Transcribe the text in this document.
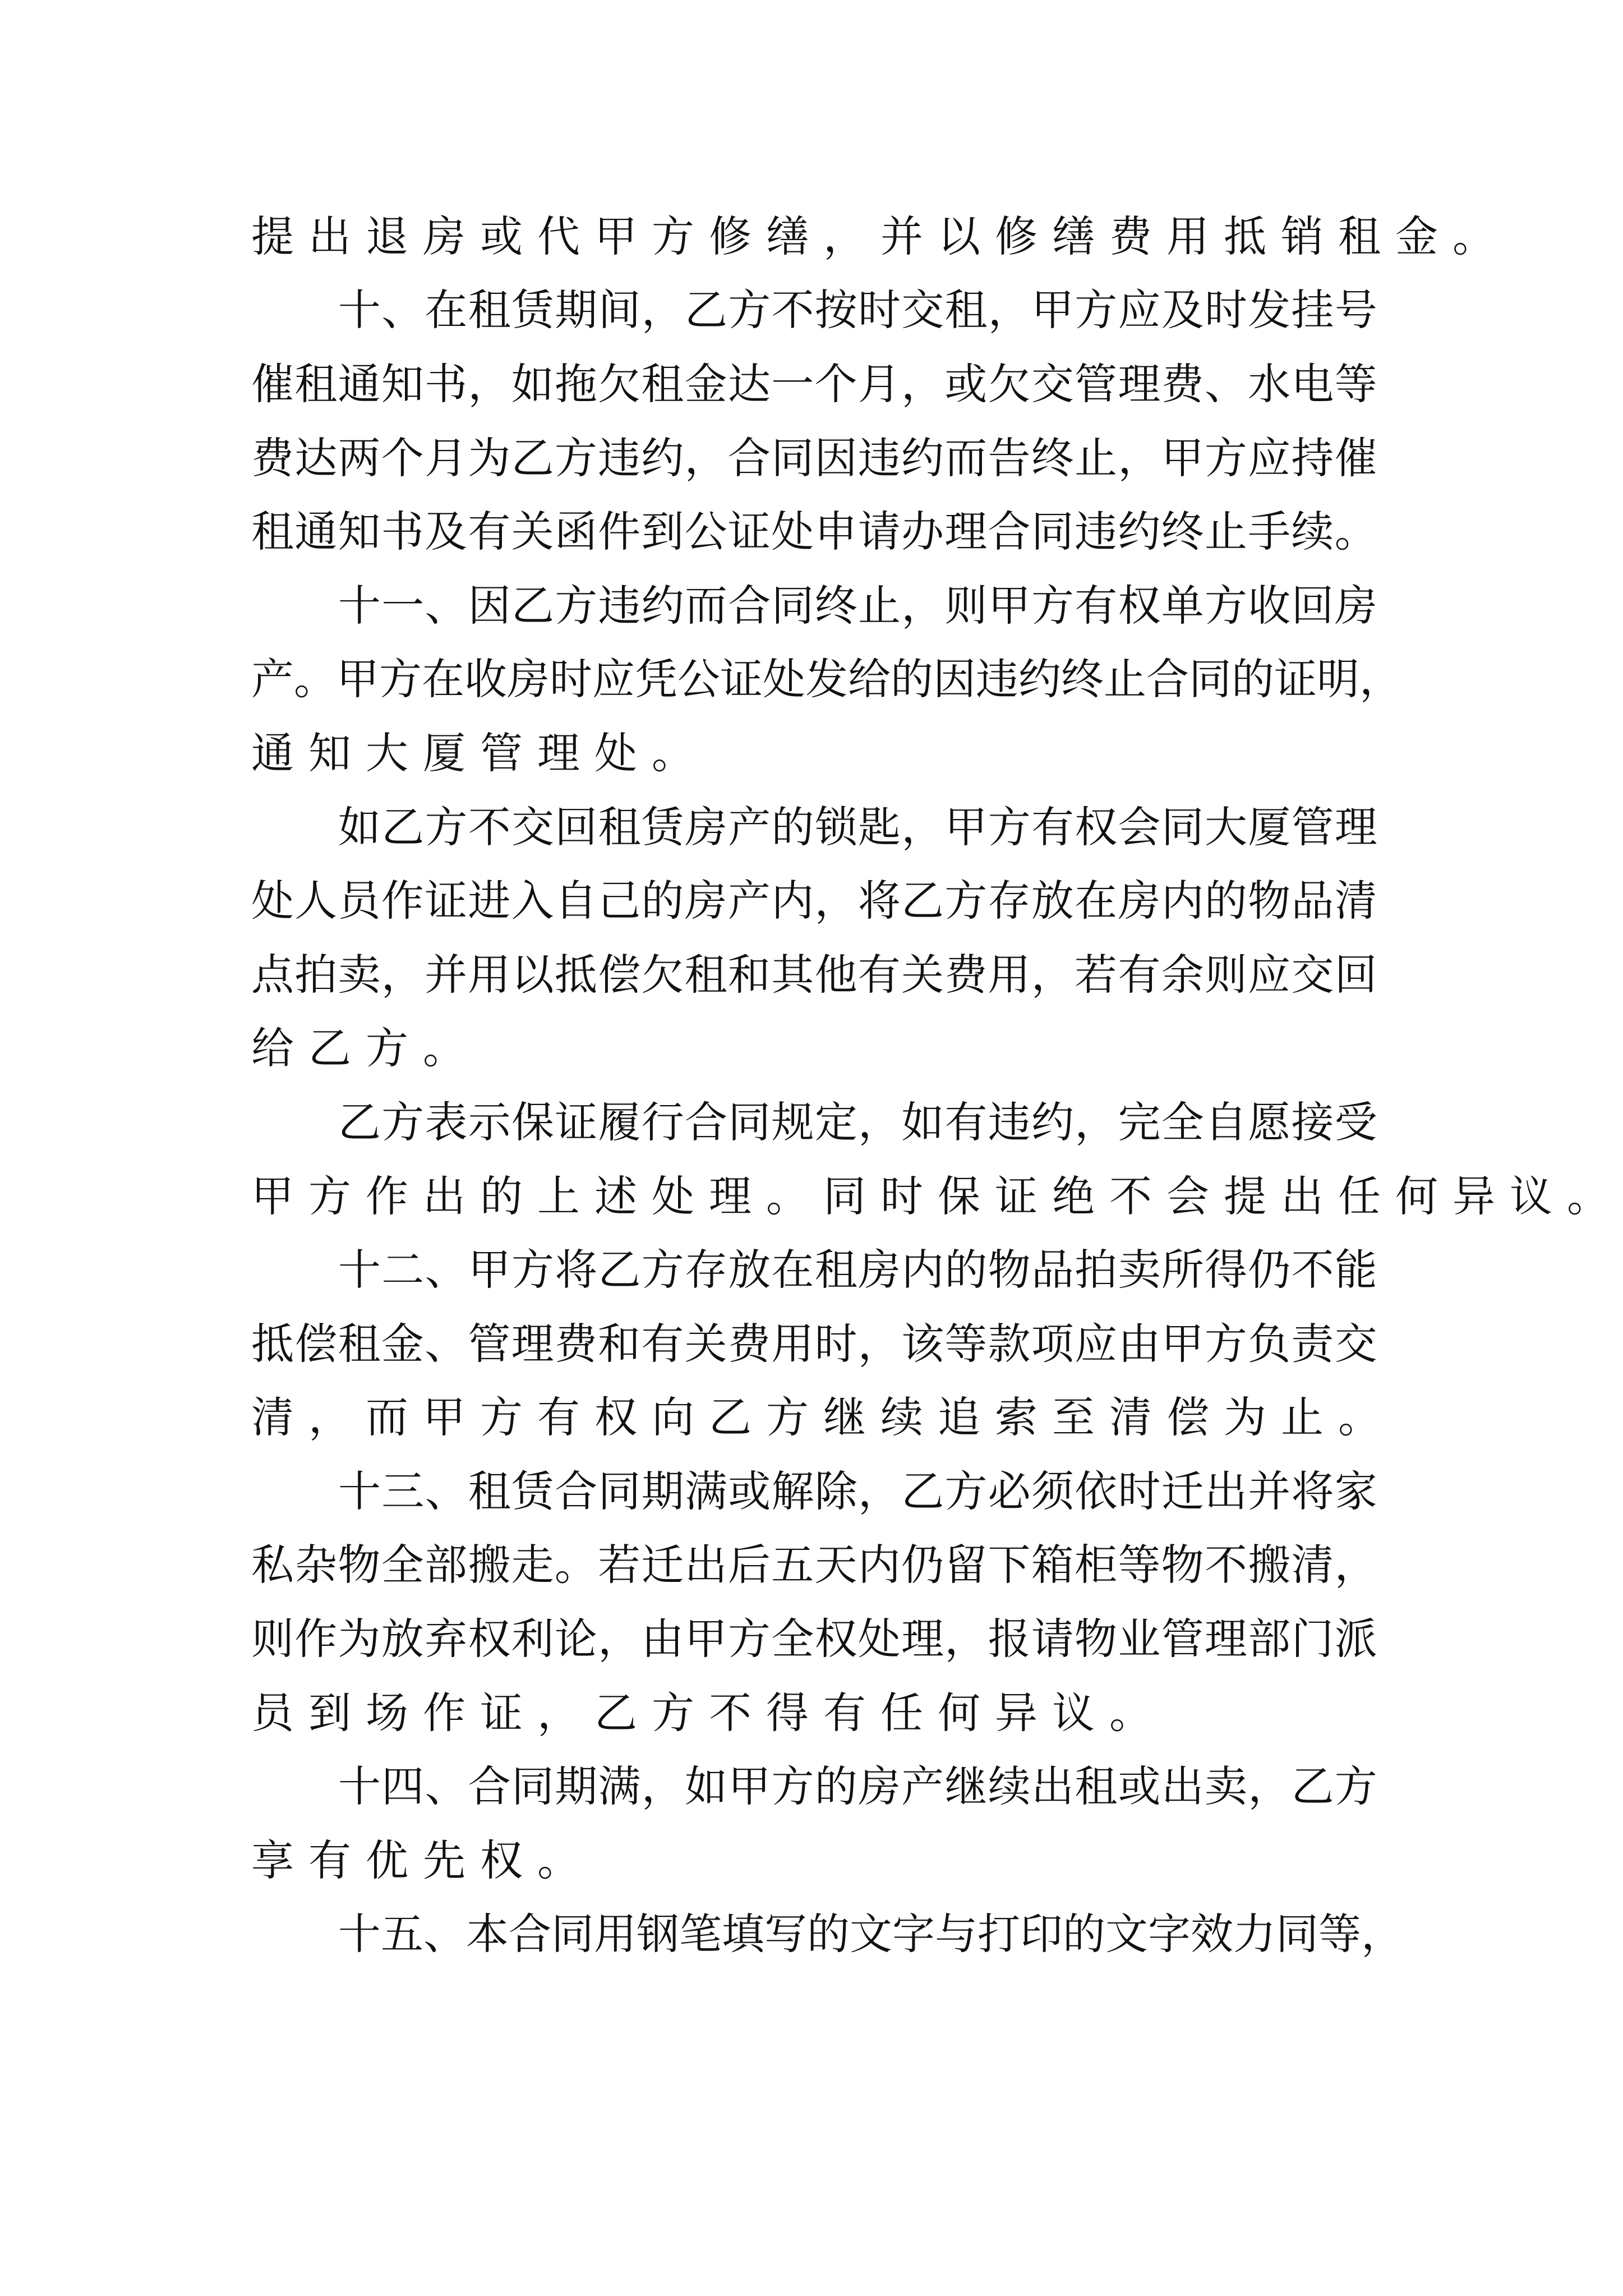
提 出 退 房 或 代 甲 方 修 缮 ， 并 以 修 缮 费 用 抵 销 租 金 。
十 、 在 租 赁 期 间 ， 乙 方 不 按 时 交 租 ， 甲 方 应 及 时 发 挂 号
催 租 通 知 书 ， 如 拖 欠 租 金 达 一 个 月 ， 或 欠 交 管 理 费 、 水 电 等
费 达 两 个 月 为 乙 方 违 约 ， 合 同 因 违 约 而 告 终 止 ， 甲 方 应 持 催
租 通 知 书 及 有 关 函 件 到 公 证 处 申 请 办 理 合 同 违 约 终 止 手 续 。
十 一 、 因 乙 方 违 约 而 合 同 终 止 ， 则 甲 方 有 权 单 方 收 回 房
产 。 甲 方 在 收 房 时 应 凭 公 证 处 发 给 的 因 违 约 终 止 合 同 的 证 明 ，
通 知 大 厦 管 理 处 。
如 乙 方 不 交 回 租 赁 房 产 的 锁 匙 ， 甲 方 有 权 会 同 大 厦 管 理
处 人 员 作 证 进 入 自 己 的 房 产 内 ， 将 乙 方 存 放 在 房 内 的 物 品 清
点 拍 卖 ， 并 用 以 抵 偿 欠 租 和 其 他 有 关 费 用 ， 若 有 余 则 应 交 回
给 乙 方 。
乙 方 表 示 保 证 履 行 合 同 规 定 ， 如 有 违 约 ， 完 全 自 愿 接 受
甲 方 作 出 的 上 述 处 理 。 同 时 保 证 绝 不 会 提 出 任 何 异 议 。
十 二 、 甲 方 将 乙 方 存 放 在 租 房 内 的 物 品 拍 卖 所 得 仍 不 能
抵 偿 租 金 、 管 理 费 和 有 关 费 用 时 ， 该 等 款 项 应 由 甲 方 负 责 交
清 ， 而 甲 方 有 权 向 乙 方 继 续 追 索 至 清 偿 为 止 。
十 三 、 租 赁 合 同 期 满 或 解 除 ， 乙 方 必 须 依 时 迁 出 并 将 家
私 杂 物 全 部 搬 走 。 若 迁 出 后 五 天 内 仍 留 下 箱 柜 等 物 不 搬 清 ，
则 作 为 放 弃 权 利 论 ， 由 甲 方 全 权 处 理 ， 报 请 物 业 管 理 部 门 派
员 到 场 作 证 ， 乙 方 不 得 有 任 何 异 议 。
十 四 、 合 同 期 满 ， 如 甲 方 的 房 产 继 续 出 租 或 出 卖 ， 乙 方
享 有 优 先 权 。
十 五 、 本 合 同 用 钢 笔 填 写 的 文 字 与 打 印 的 文 字 效 力 同 等 ，
